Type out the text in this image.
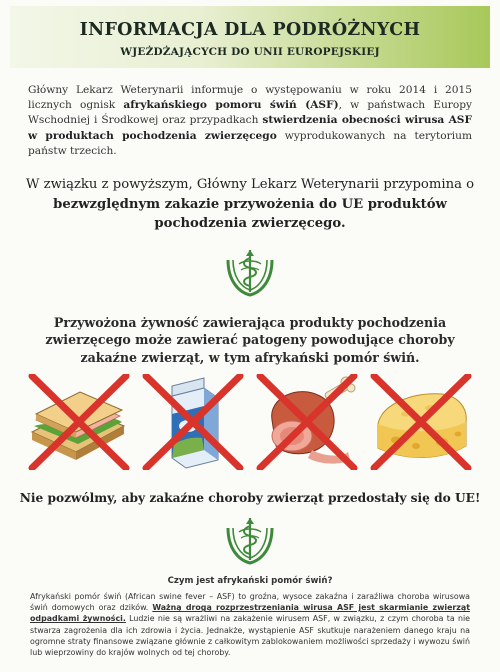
INFORMACJA DLA PODRÓŻNYCH
WJEŻDŻAJĄCYCH DO UNII EUROPEJSKIEJ
Główny Lekarz Weterynarii informuje o występowaniu w roku 2014 i 2015 licznych ognisk afrykańskiego pomoru świń (ASF), w państwach Europy Wschodniej i Środkowej oraz przypadkach stwierdzenia obecności wirusa ASF w produktach pochodzenia zwierzęcego wyprodukowanych na terytorium państw trzecich.
W związku z powyższym, Główny Lekarz Weterynarii przypomina o bezwzględnym zakazie przywożenia do UE produktów pochodzenia zwierzęcego.
Przywożona żywność zawierająca produkty pochodzenia zwierzęcego może zawierać patogeny powodujące choroby zakaźne zwierząt, w tym afrykański pomór świń.
Nie pozwólmy, aby zakaźne choroby zwierząt przedostały się do UE!
Czym jest afrykański pomór świń?
Afrykański pomór świń (African swine fever – ASF) to groźna, wysoce zakaźna i zaraźliwa choroba wirusowa świń domowych oraz dzików. Ważną drogą rozprzestrzeniania wirusa ASF jest skarmianie zwierząt odpadkami żywności. Ludzie nie są wrażliwi na zakażenie wirusem ASF, w związku, z czym choroba ta nie stwarza zagrożenia dla ich zdrowia i życia. Jednakże, wystąpienie ASF skutkuje narażeniem danego kraju na ogromne straty finansowe związane głównie z całkowitym zablokowaniem możliwości sprzedaży i wywozu świń lub wieprzowiny do krajów wolnych od tej choroby.
